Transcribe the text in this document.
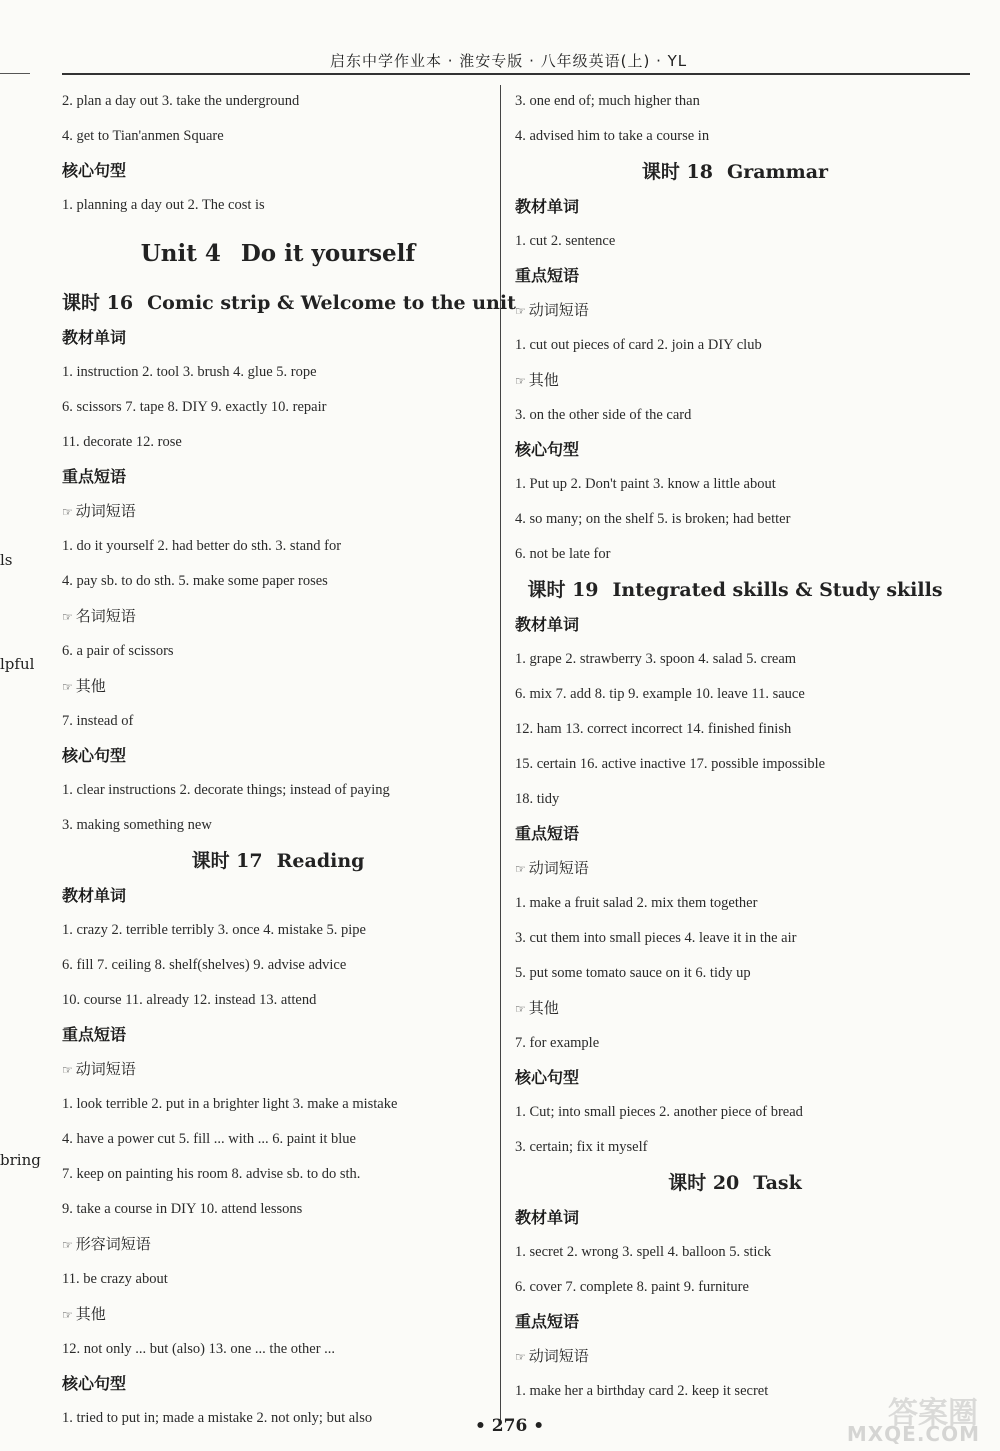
启东中学作业本 · 淮安专版 · 八年级英语(上) · YL
ls
lpful
bring
2. plan a day out 3. take the underground
4. get to Tian'anmen Square
核心句型
1. planning a day out 2. The cost is
Unit 4 Do it yourself
课时 16 Comic strip & Welcome to the unit
教材单词
1. instruction 2. tool 3. brush 4. glue 5. rope
6. scissors 7. tape 8. DIY 9. exactly 10. repair
11. decorate 12. rose
重点短语
☞ 动词短语
1. do it yourself 2. had better do sth. 3. stand for
4. pay sb. to do sth. 5. make some paper roses
☞ 名词短语
6. a pair of scissors
☞ 其他
7. instead of
核心句型
1. clear instructions 2. decorate things; instead of paying
3. making something new
课时 17 Reading
教材单词
1. crazy 2. terrible terribly 3. once 4. mistake 5. pipe
6. fill 7. ceiling 8. shelf(shelves) 9. advise advice
10. course 11. already 12. instead 13. attend
重点短语
☞ 动词短语
1. look terrible 2. put in a brighter light 3. make a mistake
4. have a power cut 5. fill ... with ... 6. paint it blue
7. keep on painting his room 8. advise sb. to do sth.
9. take a course in DIY 10. attend lessons
☞ 形容词短语
11. be crazy about
☞ 其他
12. not only ... but (also) 13. one ... the other ...
核心句型
1. tried to put in; made a mistake 2. not only; but also
3. one end of; much higher than
4. advised him to take a course in
课时 18 Grammar
教材单词
1. cut 2. sentence
重点短语
☞ 动词短语
1. cut out pieces of card 2. join a DIY club
☞ 其他
3. on the other side of the card
核心句型
1. Put up 2. Don't paint 3. know a little about
4. so many; on the shelf 5. is broken; had better
6. not be late for
课时 19 Integrated skills & Study skills
教材单词
1. grape 2. strawberry 3. spoon 4. salad 5. cream
6. mix 7. add 8. tip 9. example 10. leave 11. sauce
12. ham 13. correct incorrect 14. finished finish
15. certain 16. active inactive 17. possible impossible
18. tidy
重点短语
☞ 动词短语
1. make a fruit salad 2. mix them together
3. cut them into small pieces 4. leave it in the air
5. put some tomato sauce on it 6. tidy up
☞ 其他
7. for example
核心句型
1. Cut; into small pieces 2. another piece of bread
3. certain; fix it myself
课时 20 Task
教材单词
1. secret 2. wrong 3. spell 4. balloon 5. stick
6. cover 7. complete 8. paint 9. furniture
重点短语
☞ 动词短语
1. make her a birthday card 2. keep it secret
• 276 •	答案圈
MXQE.COM
